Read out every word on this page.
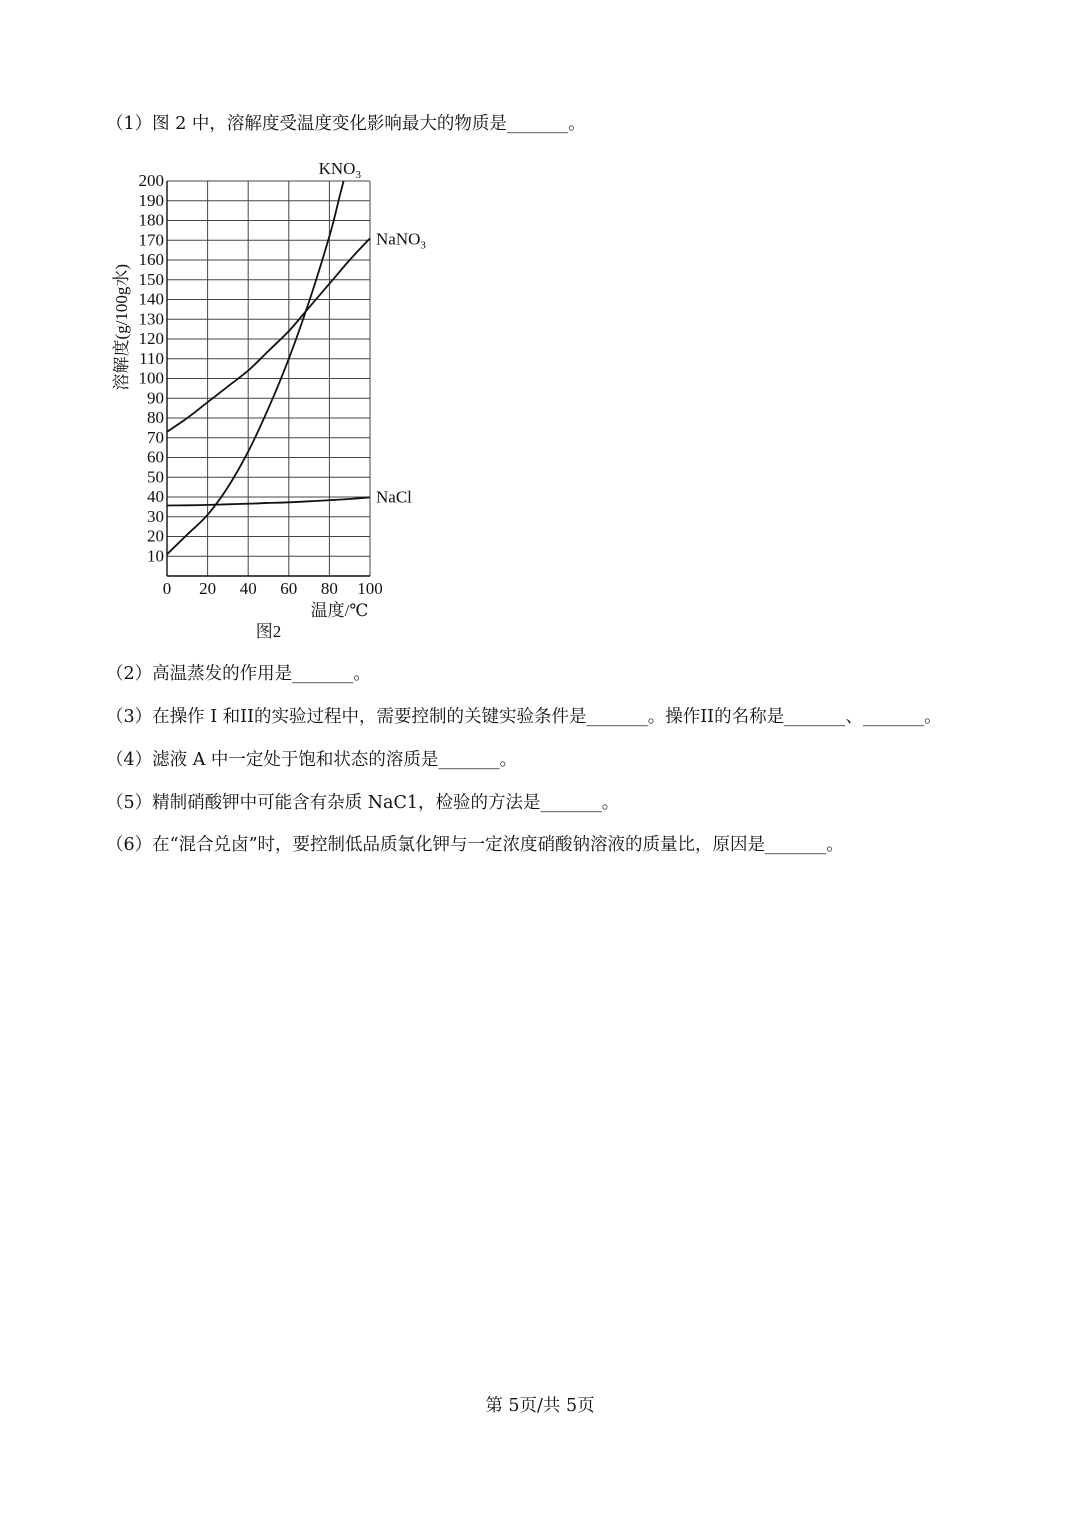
（1）图 2 中，溶解度受温度变化影响最大的物质是_______。

$KNO_3$
NaNO$_3$
NaCl
10
20
30
40
50
60
70
80
90
100
110
120
130
140
150
160
170
180
190
200
0 20 40 60 80 100
溶解度(g/100g水)
温度/℃
图2

（2）高温蒸发的作用是_______。

（3）在操作 I 和II的实验过程中，需要控制的关键实验条件是_______。操作II的名称是_______、_______。

（4）滤液 A 中一定处于饱和状态的溶质是_______。

（5）精制硝酸钾中可能含有杂质 NaC1，检验的方法是_______。

（6）在“混合兑卤”时，要控制低品质氯化钾与一定浓度硝酸钠溶液的质量比，原因是_______。

第 5页/共 5页
